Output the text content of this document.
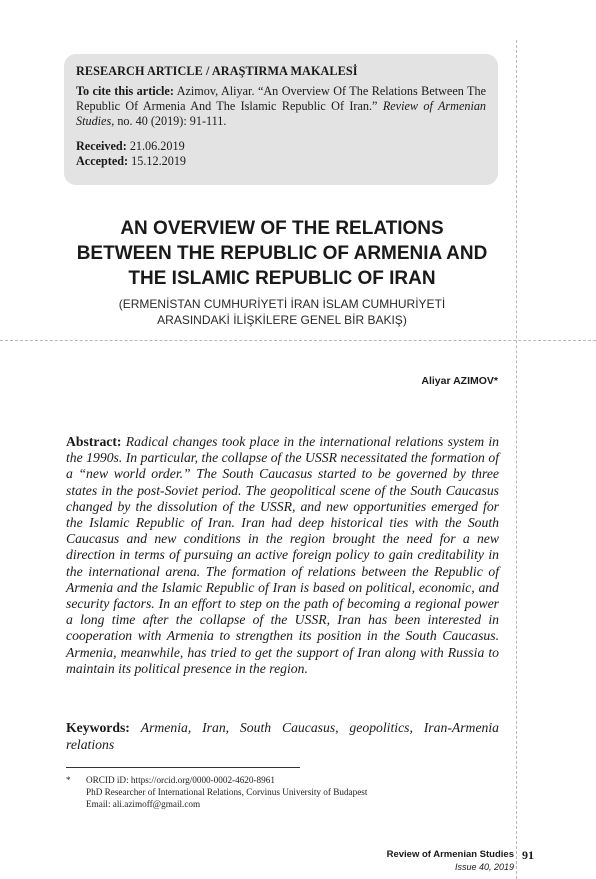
RESEARCH ARTICLE / ARAŞTIRMA MAKALESİ

To cite this article: Azimov, Aliyar. “An Overview Of The Relations Between The Republic Of Armenia And The Islamic Republic Of Iran.” Review of Armenian Studies, no. 40 (2019): 91-111.

Received: 21.06.2019

Accepted: 15.12.2019

AN OVERVIEW OF THE RELATIONS
BETWEEN THE REPUBLIC OF ARMENIA AND
THE ISLAMIC REPUBLIC OF IRAN
(ERMENİSTAN CUMHURİYETİ İRAN İSLAM CUMHURİYETİ
ARASINDAKİ İLİŞKİLERE GENEL BİR BAKIŞ)
Aliyar AZIMOV*

Abstract: Radical changes took place in the international relations system in the 1990s. In particular, the collapse of the USSR necessitated the formation of a “new world order.” The South Caucasus started to be governed by three states in the post-Soviet period. The geopolitical scene of the South Caucasus changed by the dissolution of the USSR, and new opportunities emerged for the Islamic Republic of Iran. Iran had deep historical ties with the South Caucasus and new conditions in the region brought the need for a new direction in terms of pursuing an active foreign policy to gain creditability in the international arena. The formation of relations between the Republic of Armenia and the Islamic Republic of Iran is based on political, economic, and security factors. In an effort to step on the path of becoming a regional power a long time after the collapse of the USSR, Iran has been interested in cooperation with Armenia to strengthen its position in the South Caucasus. Armenia, meanwhile, has tried to get the support of Iran along with Russia to maintain its political presence in the region.

Keywords: Armenia, Iran, South Caucasus, geopolitics, Iran-Armenia relations

* ORCID iD: https://orcid.org/0000-0002-4620-8961
PhD Researcher of International Relations, Corvinus University of Budapest
Email: ali.azimoff@gmail.com
Review of Armenian Studies
Issue 40, 2019
91
